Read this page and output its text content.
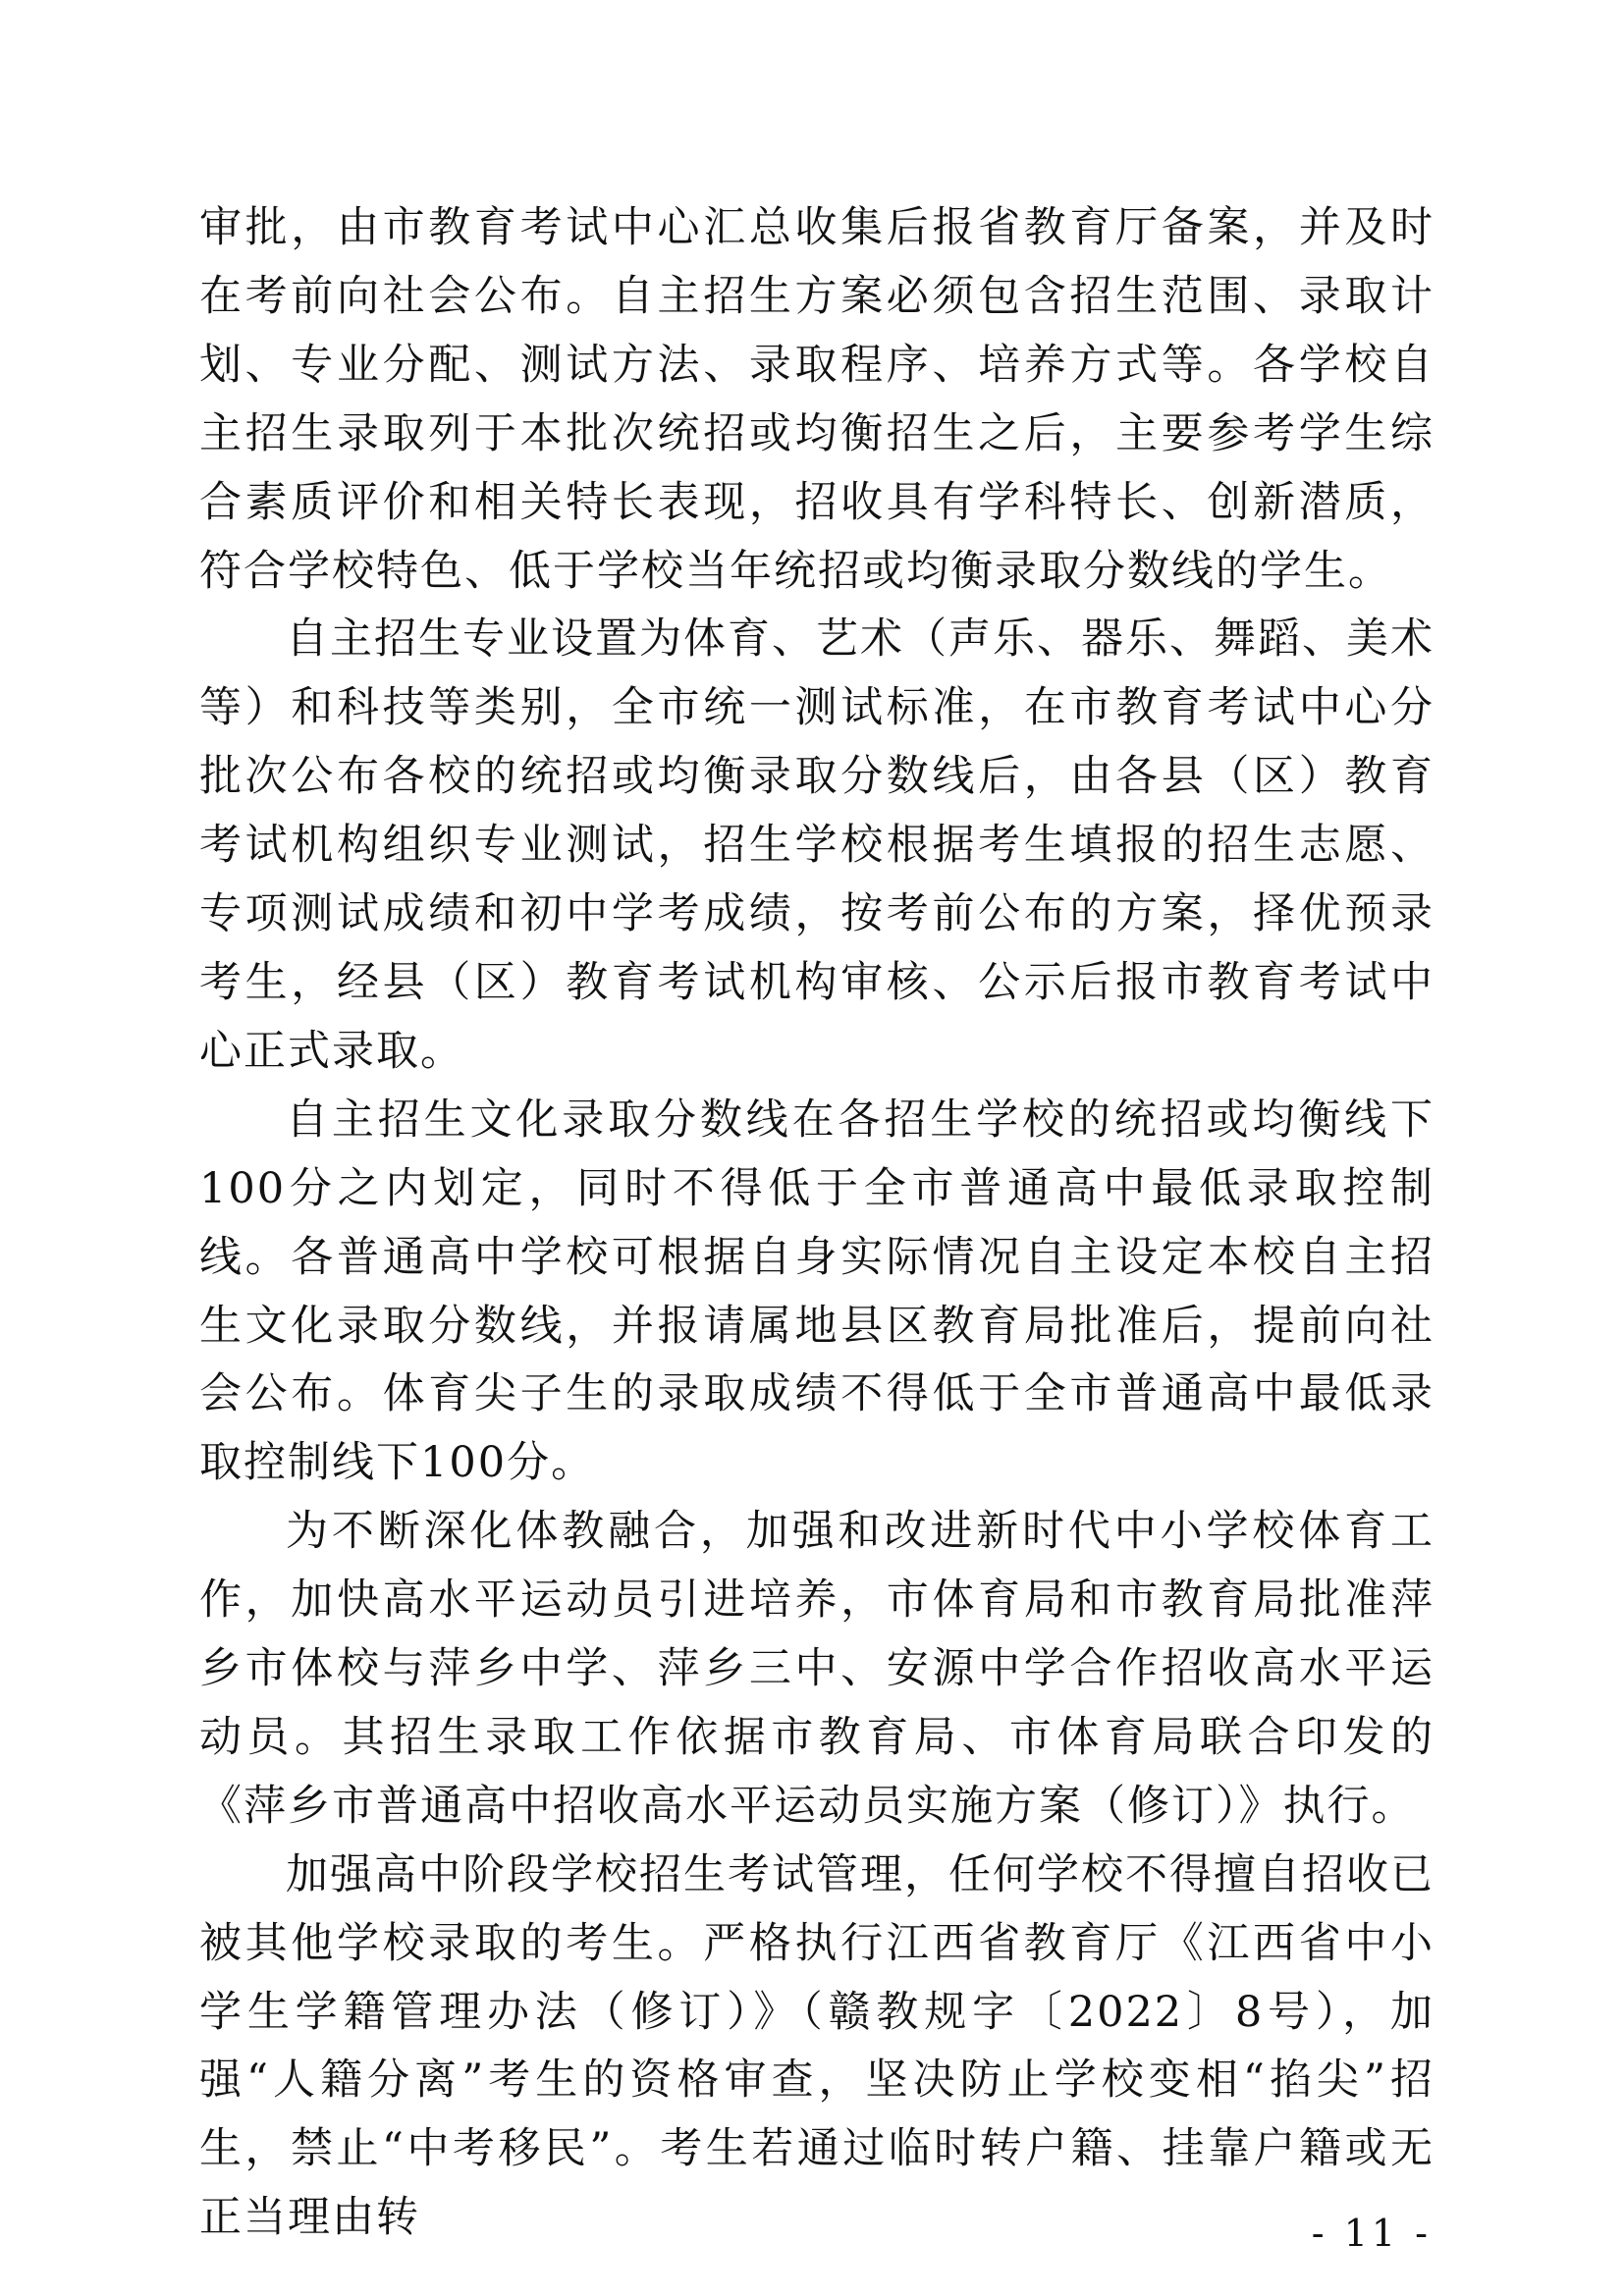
审批，由市教育考试中心汇总收集后报省教育厅备案，并及时在考前向社会公布。自主招生方案必须包含招生范围、录取计划、专业分配、测试方法、录取程序、培养方式等。各学校自主招生录取列于本批次统招或均衡招生之后，主要参考学生综合素质评价和相关特长表现，招收具有学科特长、创新潜质，符合学校特色、低于学校当年统招或均衡录取分数线的学生。

自主招生专业设置为体育、艺术（声乐、器乐、舞蹈、美术等）和科技等类别，全市统一测试标准，在市教育考试中心分批次公布各校的统招或均衡录取分数线后，由各县（区）教育考试机构组织专业测试，招生学校根据考生填报的招生志愿、专项测试成绩和初中学考成绩，按考前公布的方案，择优预录考生，经县（区）教育考试机构审核、公示后报市教育考试中心正式录取。

自主招生文化录取分数线在各招生学校的统招或均衡线下100分之内划定，同时不得低于全市普通高中最低录取控制线。各普通高中学校可根据自身实际情况自主设定本校自主招生文化录取分数线，并报请属地县区教育局批准后，提前向社会公布。体育尖子生的录取成绩不得低于全市普通高中最低录取控制线下100分。

为不断深化体教融合，加强和改进新时代中小学校体育工作，加快高水平运动员引进培养，市体育局和市教育局批准萍乡市体校与萍乡中学、萍乡三中、安源中学合作招收高水平运动员。其招生录取工作依据市教育局、市体育局联合印发的《萍乡市普通高中招收高水平运动员实施方案（修订）》执行。

加强高中阶段学校招生考试管理，任何学校不得擅自招收已被其他学校录取的考生。严格执行江西省教育厅《江西省中小学生学籍管理办法（修订）》（赣教规字〔2022〕8号），加强“人籍分离”考生的资格审查，坚决防止学校变相“掐尖”招生，禁止“中考移民”。考生若通过临时转户籍、挂靠户籍或无正当理由转	- 11 -
